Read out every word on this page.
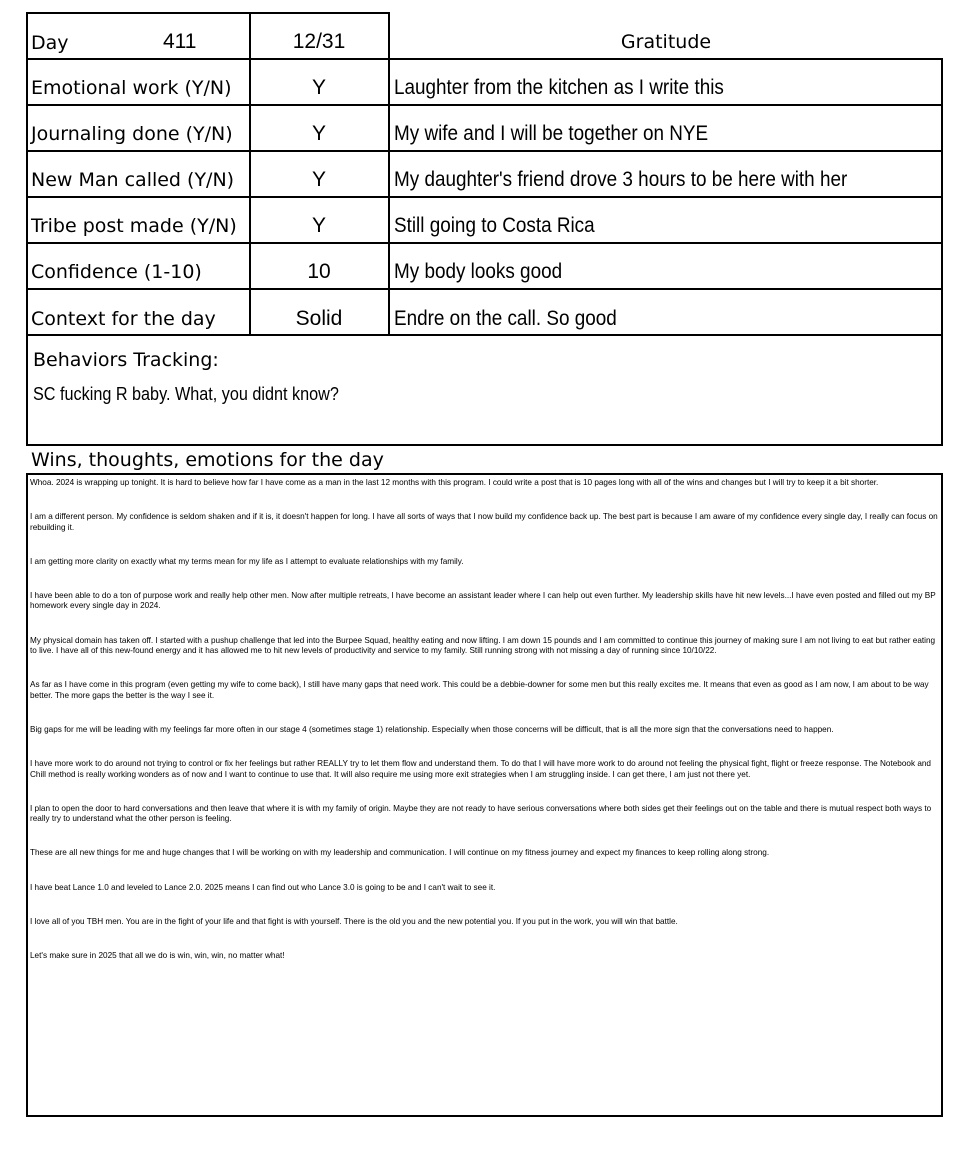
Day	411	12/31	Gratitude
Emotional work (Y/N)	Y	Laughter from the kitchen as I write this
Journaling done (Y/N)	Y	My wife and I will be together on NYE
New Man called (Y/N)	Y	My daughter's friend drove 3 hours to be here with her
Tribe post made (Y/N)	Y	Still going to Costa Rica
Confidence (1-10)	10	My body looks good
Context for the day	Solid	Endre on the call. So good
Behaviors Tracking:
SC fucking R baby. What, you didnt know?
Wins, thoughts, emotions for the day

Whoa. 2024 is wrapping up tonight. It is hard to believe how far I have come as a man in the last 12 months with this program. I could write a post that is 10 pages long with all of the wins and changes but I will try to keep it a bit shorter.

I am a different person. My confidence is seldom shaken and if it is, it doesn't happen for long. I have all sorts of ways that I now build my confidence back up. The best part is because I am aware of my confidence every single day, I really can focus on rebuilding it.

I am getting more clarity on exactly what my terms mean for my life as I attempt to evaluate relationships with my family.

I have been able to do a ton of purpose work and really help other men. Now after multiple retreats, I have become an assistant leader where I can help out even further. My leadership skills have hit new levels...I have even posted and filled out my BP homework every single day in 2024.

My physical domain has taken off. I started with a pushup challenge that led into the Burpee Squad, healthy eating and now lifting. I am down 15 pounds and I am committed to continue this journey of making sure I am not living to eat but rather eating to live. I have all of this new-found energy and it has allowed me to hit new levels of productivity and service to my family. Still running strong with not missing a day of running since 10/10/22.

As far as I have come in this program (even getting my wife to come back), I still have many gaps that need work. This could be a debbie-downer for some men but this really excites me. It means that even as good as I am now, I am about to be way better. The more gaps the better is the way I see it.

Big gaps for me will be leading with my feelings far more often in our stage 4 (sometimes stage 1) relationship. Especially when those concerns will be difficult, that is all the more sign that the conversations need to happen.

I have more work to do around not trying to control or fix her feelings but rather REALLY try to let them flow and understand them. To do that I will have more work to do around not feeling the physical fight, flight or freeze response. The Notebook and Chill method is really working wonders as of now and I want to continue to use that. It will also require me using more exit strategies when I am struggling inside. I can get there, I am just not there yet.

I plan to open the door to hard conversations and then leave that where it is with my family of origin. Maybe they are not ready to have serious conversations where both sides get their feelings out on the table and there is mutual respect both ways to really try to understand what the other person is feeling.

These are all new things for me and huge changes that I will be working on with my leadership and communication. I will continue on my fitness journey and expect my finances to keep rolling along strong.

I have beat Lance 1.0 and leveled to Lance 2.0. 2025 means I can find out who Lance 3.0 is going to be and I can't wait to see it.

I love all of you TBH men. You are in the fight of your life and that fight is with yourself. There is the old you and the new potential you. If you put in the work, you will win that battle.

Let's make sure in 2025 that all we do is win, win, win, no matter what!
